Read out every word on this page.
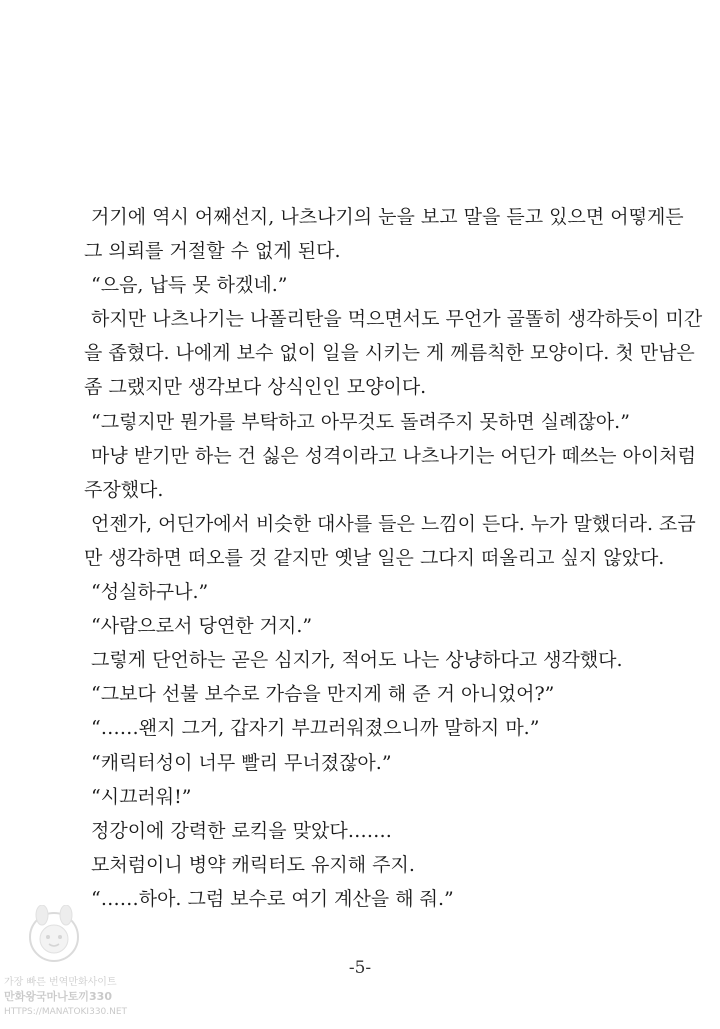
거기에 역시 어째선지, 나츠나기의 눈을 보고 말을 듣고 있으면 어떻게든
그 의뢰를 거절할 수 없게 된다.
“으음, 납득 못 하겠네.”
하지만 나츠나기는 나폴리탄을 먹으면서도 무언가 골똘히 생각하듯이 미간
을 좁혔다. 나에게 보수 없이 일을 시키는 게 께름칙한 모양이다. 첫 만남은
좀 그랬지만 생각보다 상식인인 모양이다.
“그렇지만 뭔가를 부탁하고 아무것도 돌려주지 못하면 실례잖아.”
마냥 받기만 하는 건 싫은 성격이라고 나츠나기는 어딘가 떼쓰는 아이처럼
주장했다.
언젠가, 어딘가에서 비슷한 대사를 들은 느낌이 든다. 누가 말했더라. 조금
만 생각하면 떠오를 것 같지만 옛날 일은 그다지 떠올리고 싶지 않았다.
“성실하구나.”
“사람으로서 당연한 거지.”
그렇게 단언하는 곧은 심지가, 적어도 나는 상냥하다고 생각했다.
“그보다 선불 보수로 가슴을 만지게 해 준 거 아니었어?”
“……왠지 그거, 갑자기 부끄러워졌으니까 말하지 마.”
“캐릭터성이 너무 빨리 무너졌잖아.”
“시끄러워!”
정강이에 강력한 로킥을 맞았다…….
모처럼이니 병약 캐릭터도 유지해 주지.
“……하아. 그럼 보수로 여기 계산을 해 줘.”
-5-
가장 빠른 번역만화사이트
만화왕국마나토끼330
HTTPS://MANATOKI330.NET
